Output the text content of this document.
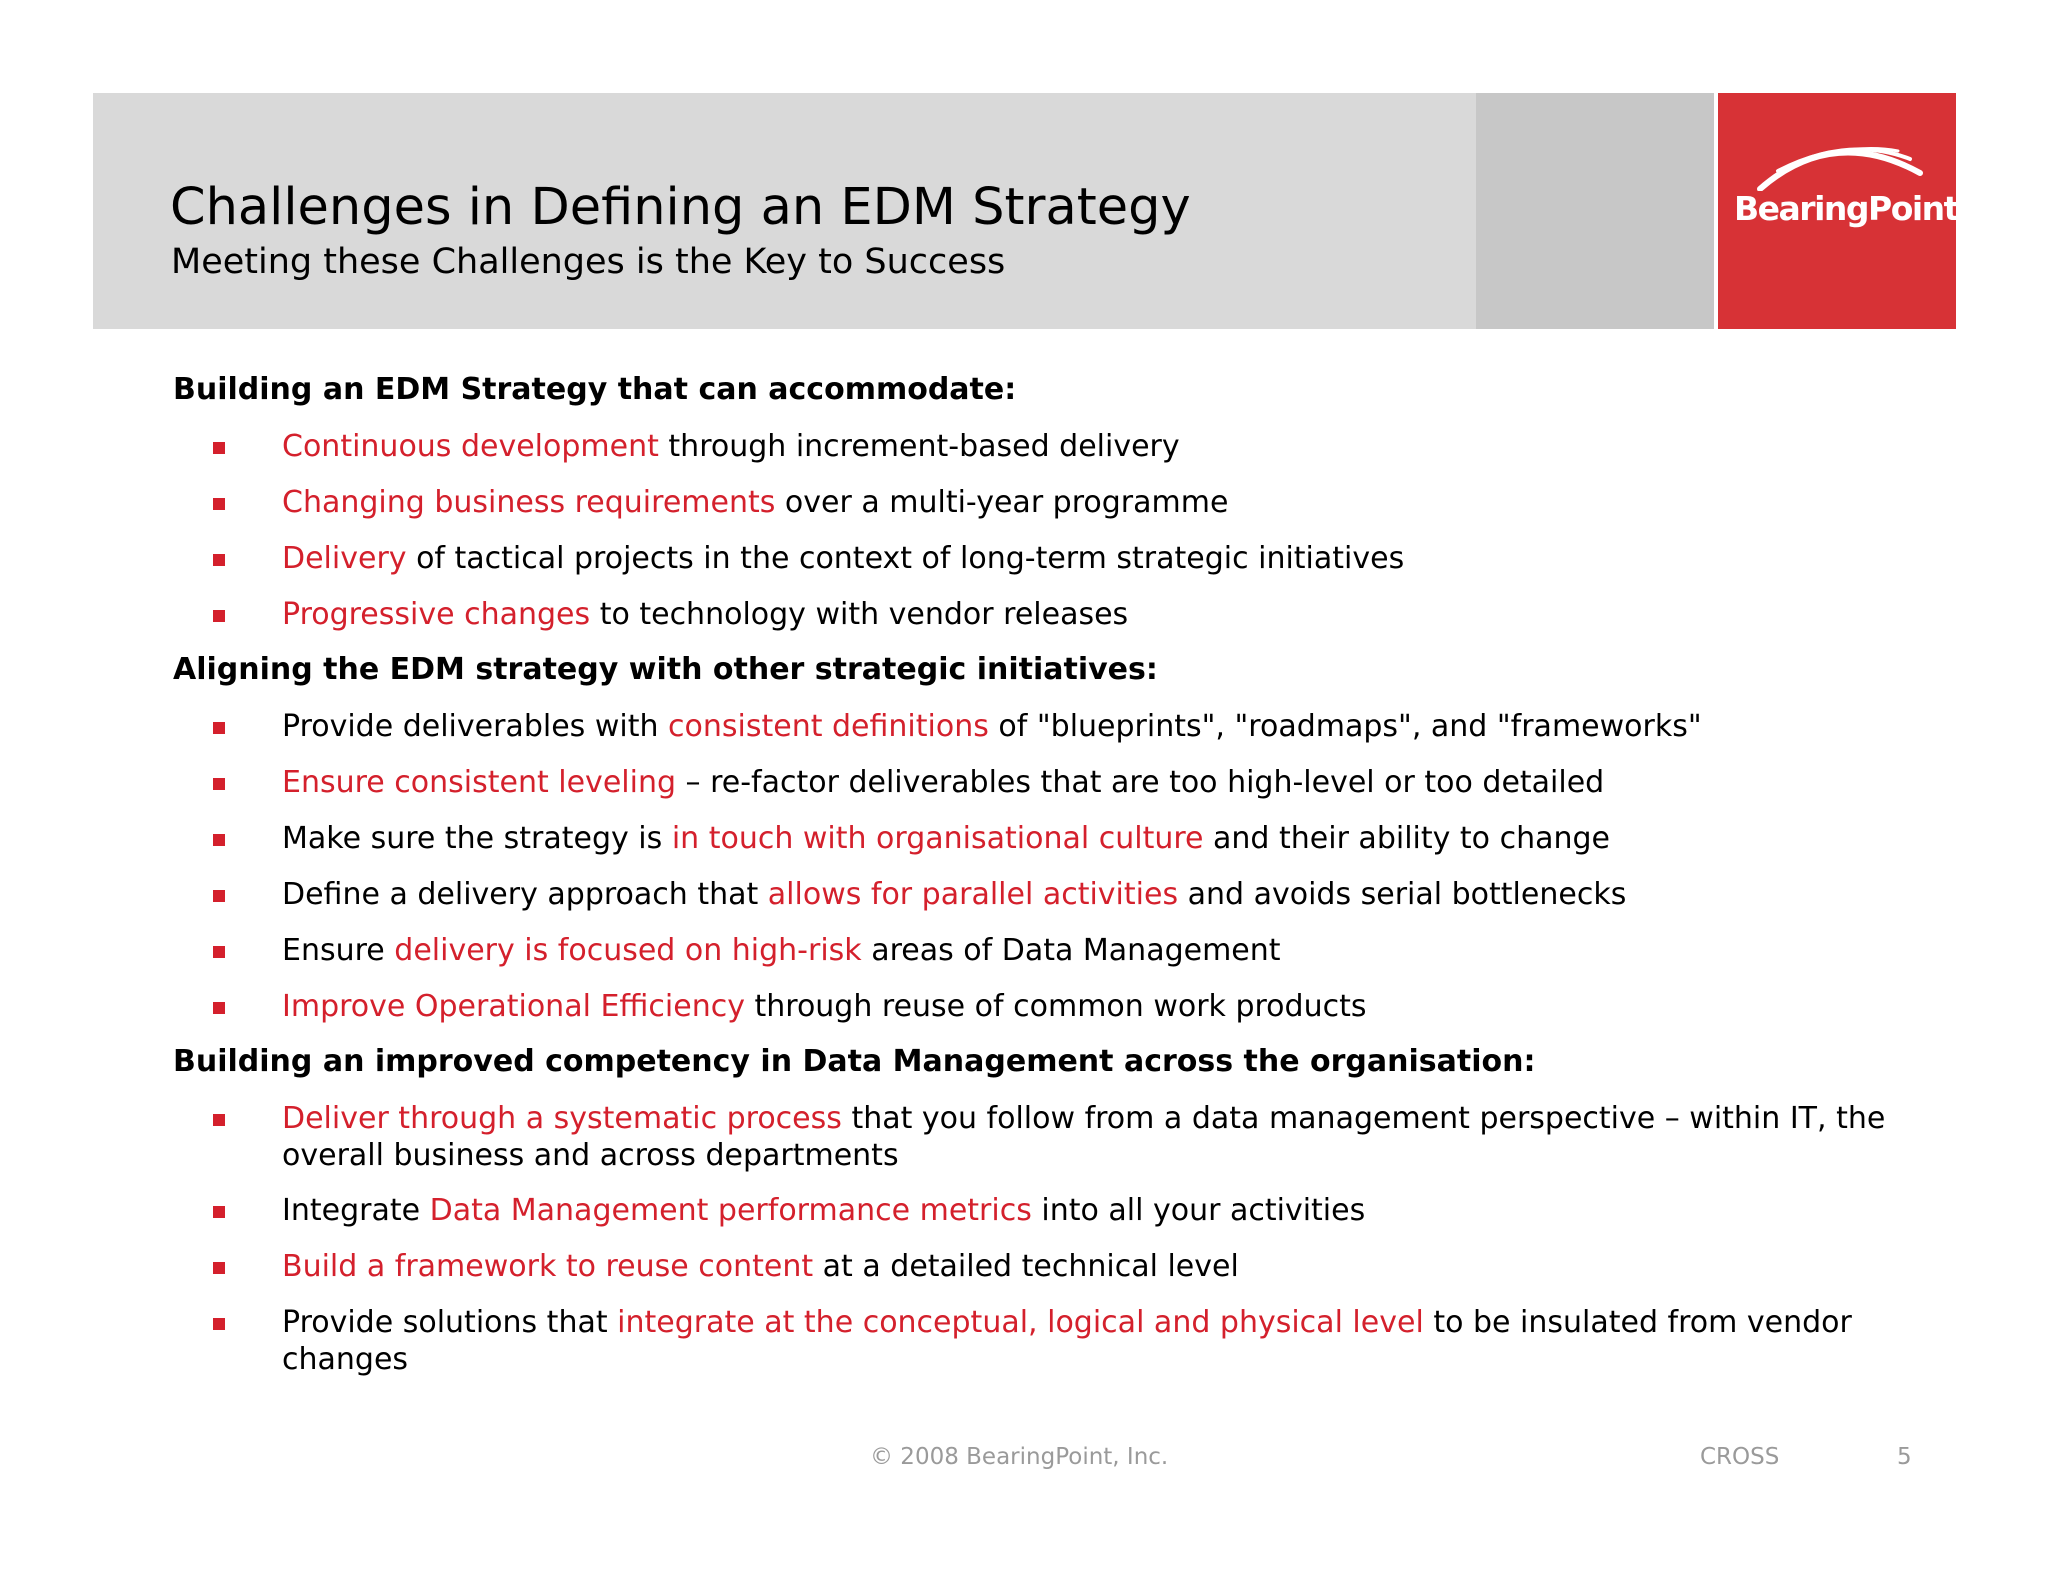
BearingPoint.
Challenges in Defining an EDM Strategy
Meeting these Challenges is the Key to Success
Building an EDM Strategy that can accommodate:
Continuous development through increment-based delivery
Changing business requirements over a multi-year programme
Delivery of tactical projects in the context of long-term strategic initiatives
Progressive changes to technology with vendor releases
Aligning the EDM strategy with other strategic initiatives:
Provide deliverables with consistent definitions of "blueprints", "roadmaps", and "frameworks"
Ensure consistent leveling – re-factor deliverables that are too high-level or too detailed
Make sure the strategy is in touch with organisational culture and their ability to change
Define a delivery approach that allows for parallel activities and avoids serial bottlenecks
Ensure delivery is focused on high-risk areas of Data Management
Improve Operational Efficiency through reuse of common work products
Building an improved competency in Data Management across the organisation:
Deliver through a systematic process that you follow from a data management perspective – within IT, the overall business and across departments
Integrate Data Management performance metrics into all your activities
Build a framework to reuse content at a detailed technical level
Provide solutions that integrate at the conceptual, logical and physical level to be insulated from vendor changes
© 2008 BearingPoint, Inc.	CROSS	5
